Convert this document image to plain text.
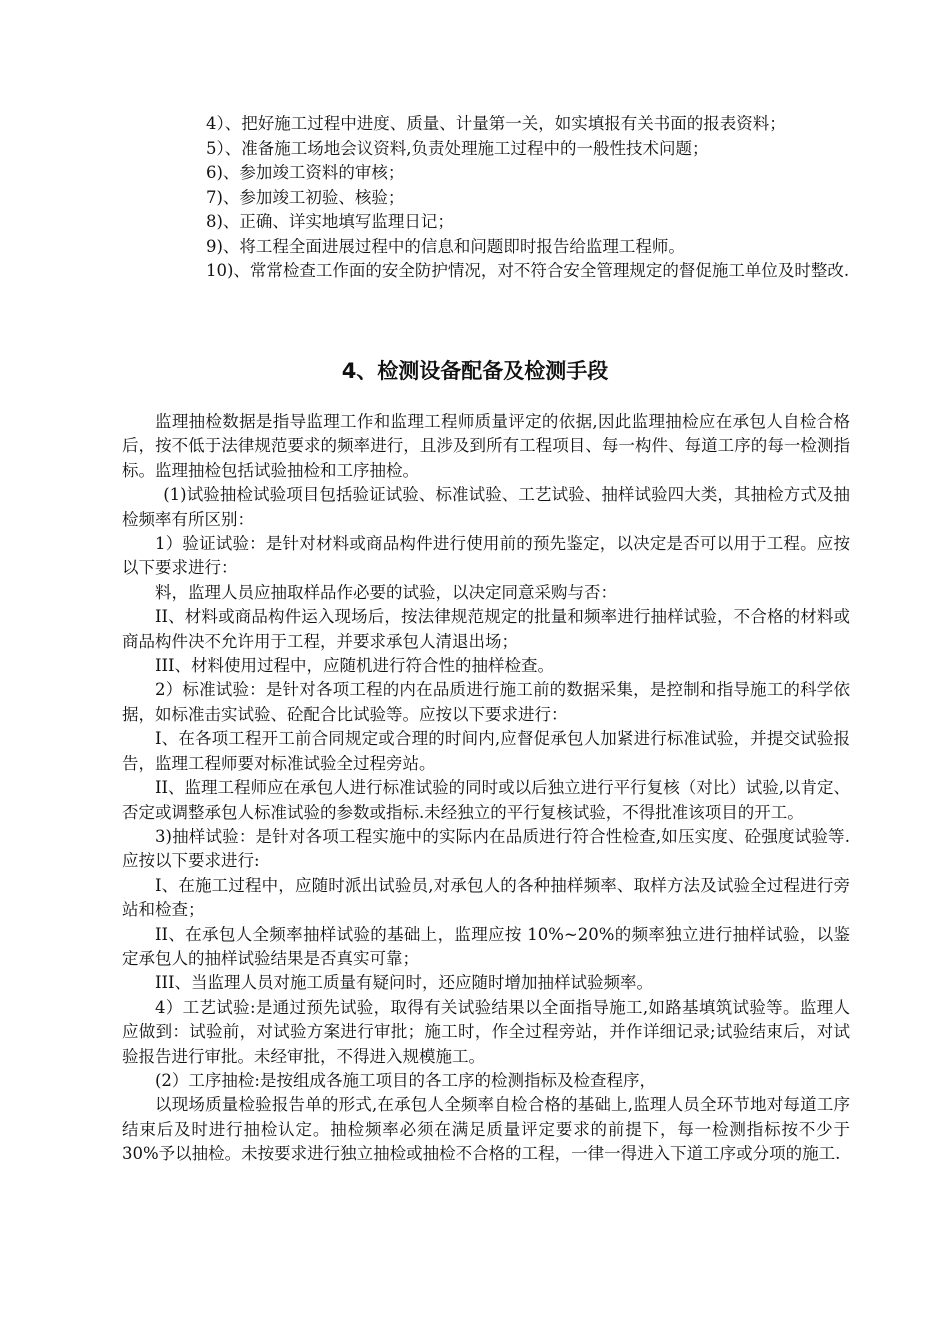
4）、把好施工过程中进度、质量、计量第一关，如实填报有关书面的报表资料；

5）、准备施工场地会议资料,负责处理施工过程中的一般性技术问题；

6)、参加竣工资料的审核；

7)、参加竣工初验、核验；

8)、正确、详实地填写监理日记；

9)、将工程全面进展过程中的信息和问题即时报告给监理工程师。

10)、常常检查工作面的安全防护情况，对不符合安全管理规定的督促施工单位及时整改.

4、检测设备配备及检测手段

监理抽检数据是指导监理工作和监理工程师质量评定的依据,因此监理抽检应在承包人自检合格后，按不低于法律规范要求的频率进行，且涉及到所有工程项目、每一构件、每道工序的每一检测指标。监理抽检包括试验抽检和工序抽检。

(1)试验抽检试验项目包括验证试验、标准试验、工艺试验、抽样试验四大类，其抽检方式及抽检频率有所区别：

1）验证试验：是针对材料或商品构件进行使用前的预先鉴定，以决定是否可以用于工程。应按以下要求进行：

料，监理人员应抽取样品作必要的试验，以决定同意采购与否：

II、材料或商品构件运入现场后，按法律规范规定的批量和频率进行抽样试验，不合格的材料或商品构件决不允许用于工程，并要求承包人清退出场；

III、材料使用过程中，应随机进行符合性的抽样检查。

2）标准试验：是针对各项工程的内在品质进行施工前的数据采集，是控制和指导施工的科学依据，如标准击实试验、砼配合比试验等。应按以下要求进行：

I、在各项工程开工前合同规定或合理的时间内,应督促承包人加紧进行标准试验，并提交试验报告，监理工程师要对标准试验全过程旁站。

II、监理工程师应在承包人进行标准试验的同时或以后独立进行平行复核（对比）试验,以肯定、否定或调整承包人标准试验的参数或指标.未经独立的平行复核试验，不得批准该项目的开工。

3)抽样试验：是针对各项工程实施中的实际内在品质进行符合性检查,如压实度、砼强度试验等.应按以下要求进行:

I、在施工过程中，应随时派出试验员,对承包人的各种抽样频率、取样方法及试验全过程进行旁站和检查；

II、在承包人全频率抽样试验的基础上，监理应按 10%~20%的频率独立进行抽样试验，以鉴定承包人的抽样试验结果是否真实可靠；

III、当监理人员对施工质量有疑问时，还应随时增加抽样试验频率。

4）工艺试验:是通过预先试验，取得有关试验结果以全面指导施工,如路基填筑试验等。监理人应做到：试验前，对试验方案进行审批；施工时，作全过程旁站，并作详细记录;试验结束后，对试验报告进行审批。未经审批，不得进入规模施工。

(2）工序抽检:是按组成各施工项目的各工序的检测指标及检查程序，

以现场质量检验报告单的形式,在承包人全频率自检合格的基础上,监理人员全环节地对每道工序结束后及时进行抽检认定。抽检频率必须在满足质量评定要求的前提下，每一检测指标按不少于 30%予以抽检。未按要求进行独立抽检或抽检不合格的工程，一律一得进入下道工序或分项的施工.
